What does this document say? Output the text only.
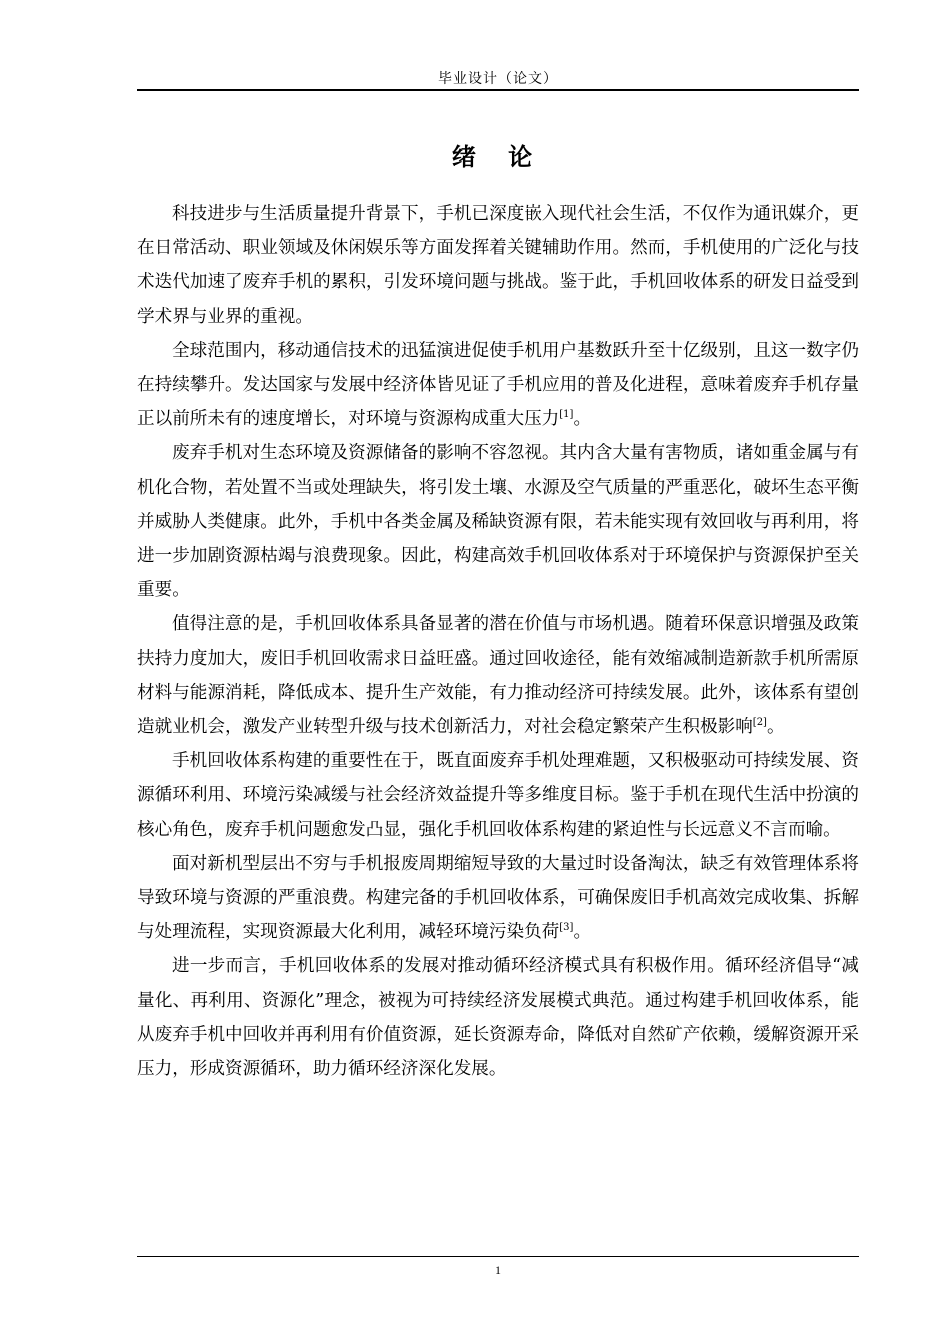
毕业设计（论文）
绪 论

科技进步与生活质量提升背景下，手机已深度嵌入现代社会生活，不仅作为通讯媒介，更在日常活动、职业领域及休闲娱乐等方面发挥着关键辅助作用。然而，手机使用的广泛化与技术迭代加速了废弃手机的累积，引发环境问题与挑战。鉴于此，手机回收体系的研发日益受到学术界与业界的重视。

全球范围内，移动通信技术的迅猛演进促使手机用户基数跃升至十亿级别，且这一数字仍在持续攀升。发达国家与发展中经济体皆见证了手机应用的普及化进程，意味着废弃手机存量正以前所未有的速度增长，对环境与资源构成重大压力[1]。

废弃手机对生态环境及资源储备的影响不容忽视。其内含大量有害物质，诸如重金属与有机化合物，若处置不当或处理缺失，将引发土壤、水源及空气质量的严重恶化，破坏生态平衡并威胁人类健康。此外，手机中各类金属及稀缺资源有限，若未能实现有效回收与再利用，将进一步加剧资源枯竭与浪费现象。因此，构建高效手机回收体系对于环境保护与资源保护至关重要。

值得注意的是，手机回收体系具备显著的潜在价值与市场机遇。随着环保意识增强及政策扶持力度加大，废旧手机回收需求日益旺盛。通过回收途径，能有效缩减制造新款手机所需原材料与能源消耗，降低成本、提升生产效能，有力推动经济可持续发展。此外，该体系有望创造就业机会，激发产业转型升级与技术创新活力，对社会稳定繁荣产生积极影响[2]。

手机回收体系构建的重要性在于，既直面废弃手机处理难题，又积极驱动可持续发展、资源循环利用、环境污染减缓与社会经济效益提升等多维度目标。鉴于手机在现代生活中扮演的核心角色，废弃手机问题愈发凸显，强化手机回收体系构建的紧迫性与长远意义不言而喻。

面对新机型层出不穷与手机报废周期缩短导致的大量过时设备淘汰，缺乏有效管理体系将导致环境与资源的严重浪费。构建完备的手机回收体系，可确保废旧手机高效完成收集、拆解与处理流程，实现资源最大化利用，减轻环境污染负荷[3]。

进一步而言，手机回收体系的发展对推动循环经济模式具有积极作用。循环经济倡导“减量化、再利用、资源化”理念，被视为可持续经济发展模式典范。通过构建手机回收体系，能从废弃手机中回收并再利用有价值资源，延长资源寿命，降低对自然矿产依赖，缓解资源开采压力，形成资源循环，助力循环经济深化发展。

1
